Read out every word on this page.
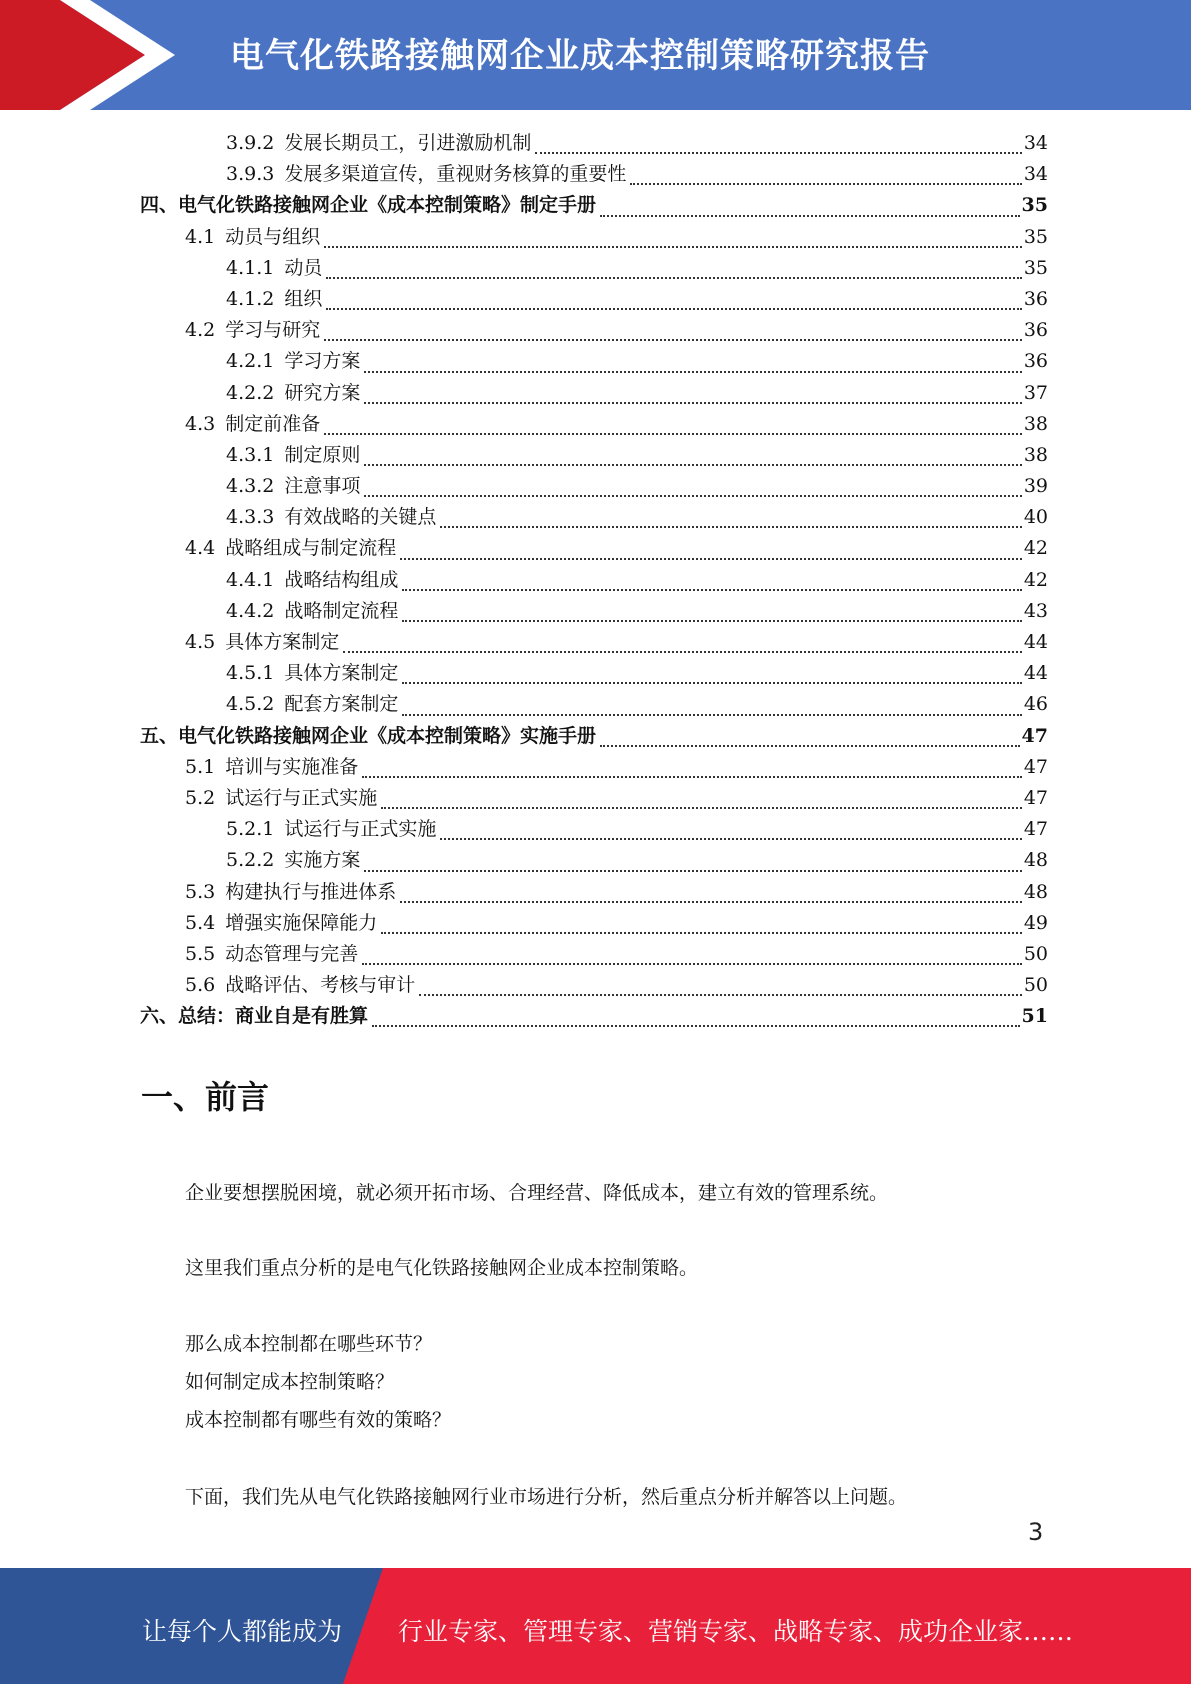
电气化铁路接触网企业成本控制策略研究报告
3.9.2 发展长期员工，引进激励机制	34
3.9.3 发展多渠道宣传，重视财务核算的重要性	34
四、电气化铁路接触网企业《成本控制策略》制定手册	35
4.1 动员与组织	35
4.1.1 动员	35
4.1.2 组织	36
4.2 学习与研究	36
4.2.1 学习方案	36
4.2.2 研究方案	37
4.3 制定前准备	38
4.3.1 制定原则	38
4.3.2 注意事项	39
4.3.3 有效战略的关键点	40
4.4 战略组成与制定流程	42
4.4.1 战略结构组成	42
4.4.2 战略制定流程	43
4.5 具体方案制定	44
4.5.1 具体方案制定	44
4.5.2 配套方案制定	46
五、电气化铁路接触网企业《成本控制策略》实施手册	47
5.1 培训与实施准备	47
5.2 试运行与正式实施	47
5.2.1 试运行与正式实施	47
5.2.2 实施方案	48
5.3 构建执行与推进体系	48
5.4 增强实施保障能力	49
5.5 动态管理与完善	50
5.6 战略评估、考核与审计	50
六、总结：商业自是有胜算	51
一、前言
企业要想摆脱困境，就必须开拓市场、合理经营、降低成本，建立有效的管理系统。
这里我们重点分析的是电气化铁路接触网企业成本控制策略。
那么成本控制都在哪些环节？
如何制定成本控制策略？
成本控制都有哪些有效的策略？
下面，我们先从电气化铁路接触网行业市场进行分析，然后重点分析并解答以上问题。
3
让每个人都能成为 行业专家、管理专家、营销专家、战略专家、成功企业家……
